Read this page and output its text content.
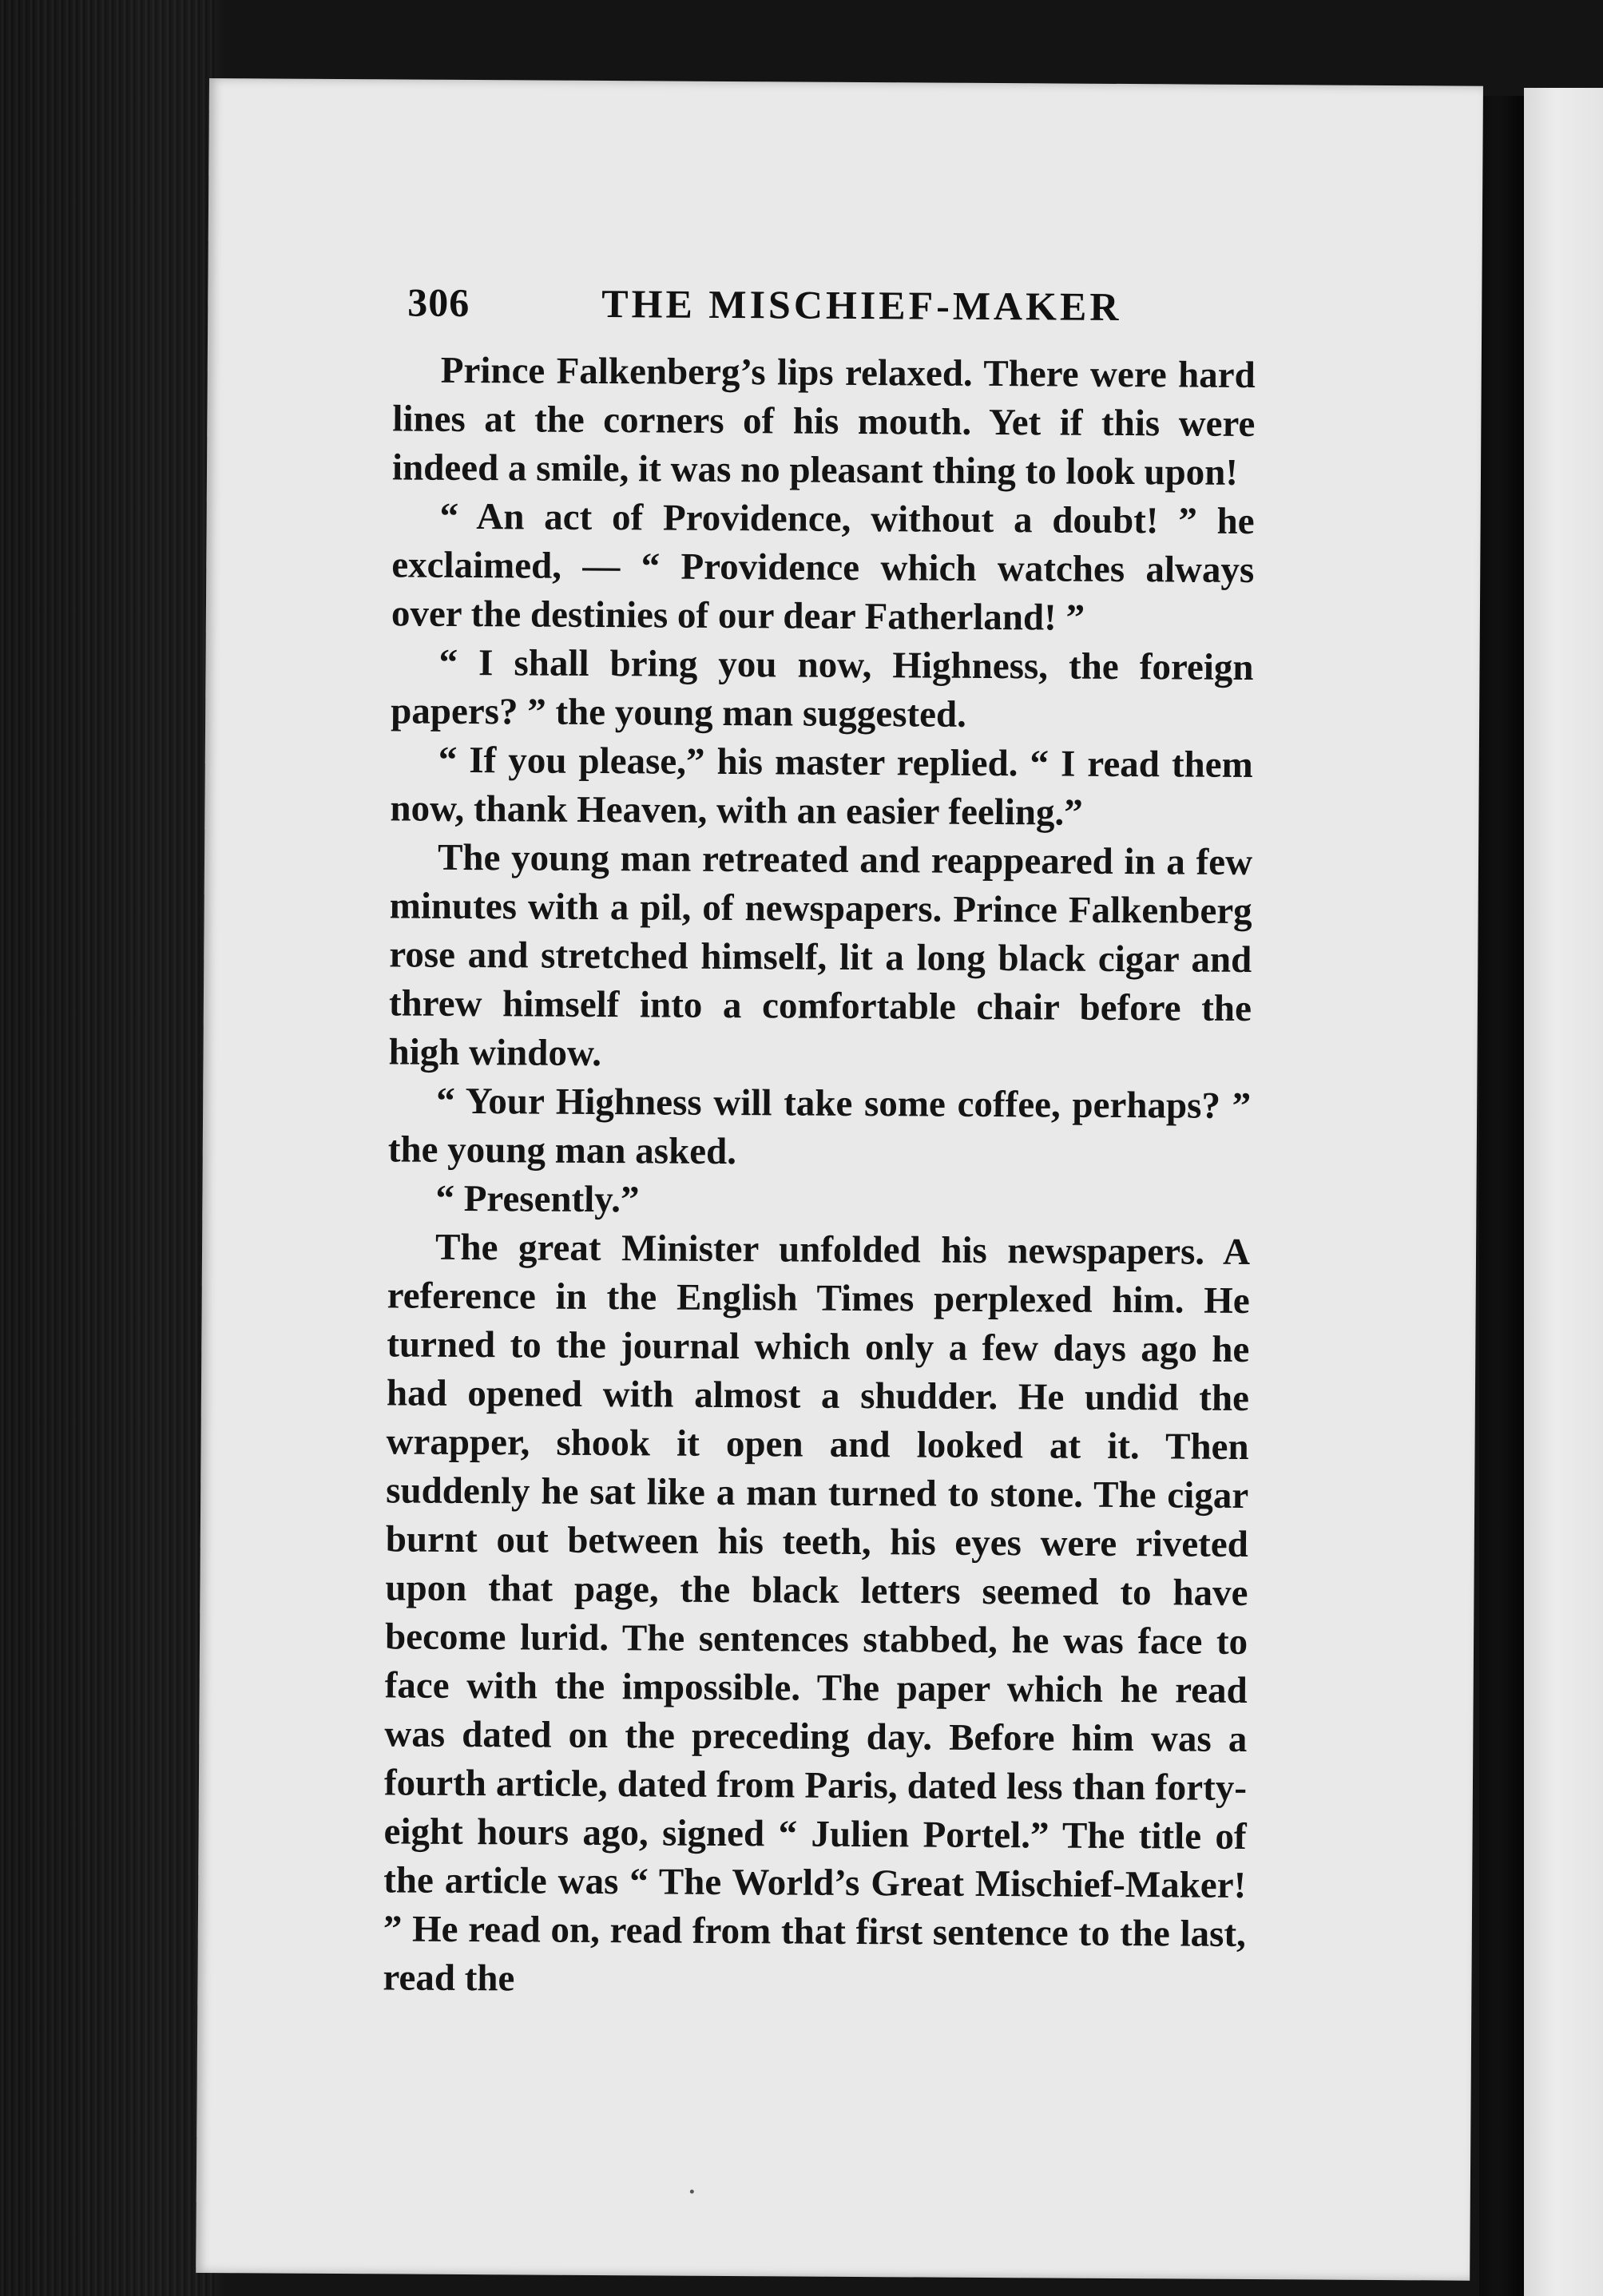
306	THE MISCHIEF-MAKER

Prince Falkenberg’s lips relaxed. There were hard lines at the corners of his mouth. Yet if this were indeed a smile, it was no pleasant thing to look upon!

“ An act of Providence, without a doubt! ” he exclaimed, — “ Providence which watches always over the destinies of our dear Fatherland! ”

“ I shall bring you now, Highness, the foreign papers? ” the young man suggested.

“ If you please,” his master replied. “ I read them now, thank Heaven, with an easier feeling.”

The young man retreated and reappeared in a few minutes with a pil, of newspapers. Prince Falkenberg rose and stretched himself, lit a long black cigar and threw himself into a comfortable chair before the high window.

“ Your Highness will take some coffee, perhaps? ” the young man asked.

“ Presently.”

The great Minister unfolded his newspapers. A reference in the English Times perplexed him. He turned to the journal which only a few days ago he had opened with almost a shudder. He undid the wrapper, shook it open and looked at it. Then suddenly he sat like a man turned to stone. The cigar burnt out between his teeth, his eyes were riveted upon that page, the black letters seemed to have become lurid. The sentences stabbed, he was face to face with the impossible. The paper which he read was dated on the preceding day. Before him was a fourth article, dated from Paris, dated less than forty-eight hours ago, signed “ Julien Portel.” The title of the article was “ The World’s Great Mischief-Maker! ” He read on, read from that first sentence to the last, read the
